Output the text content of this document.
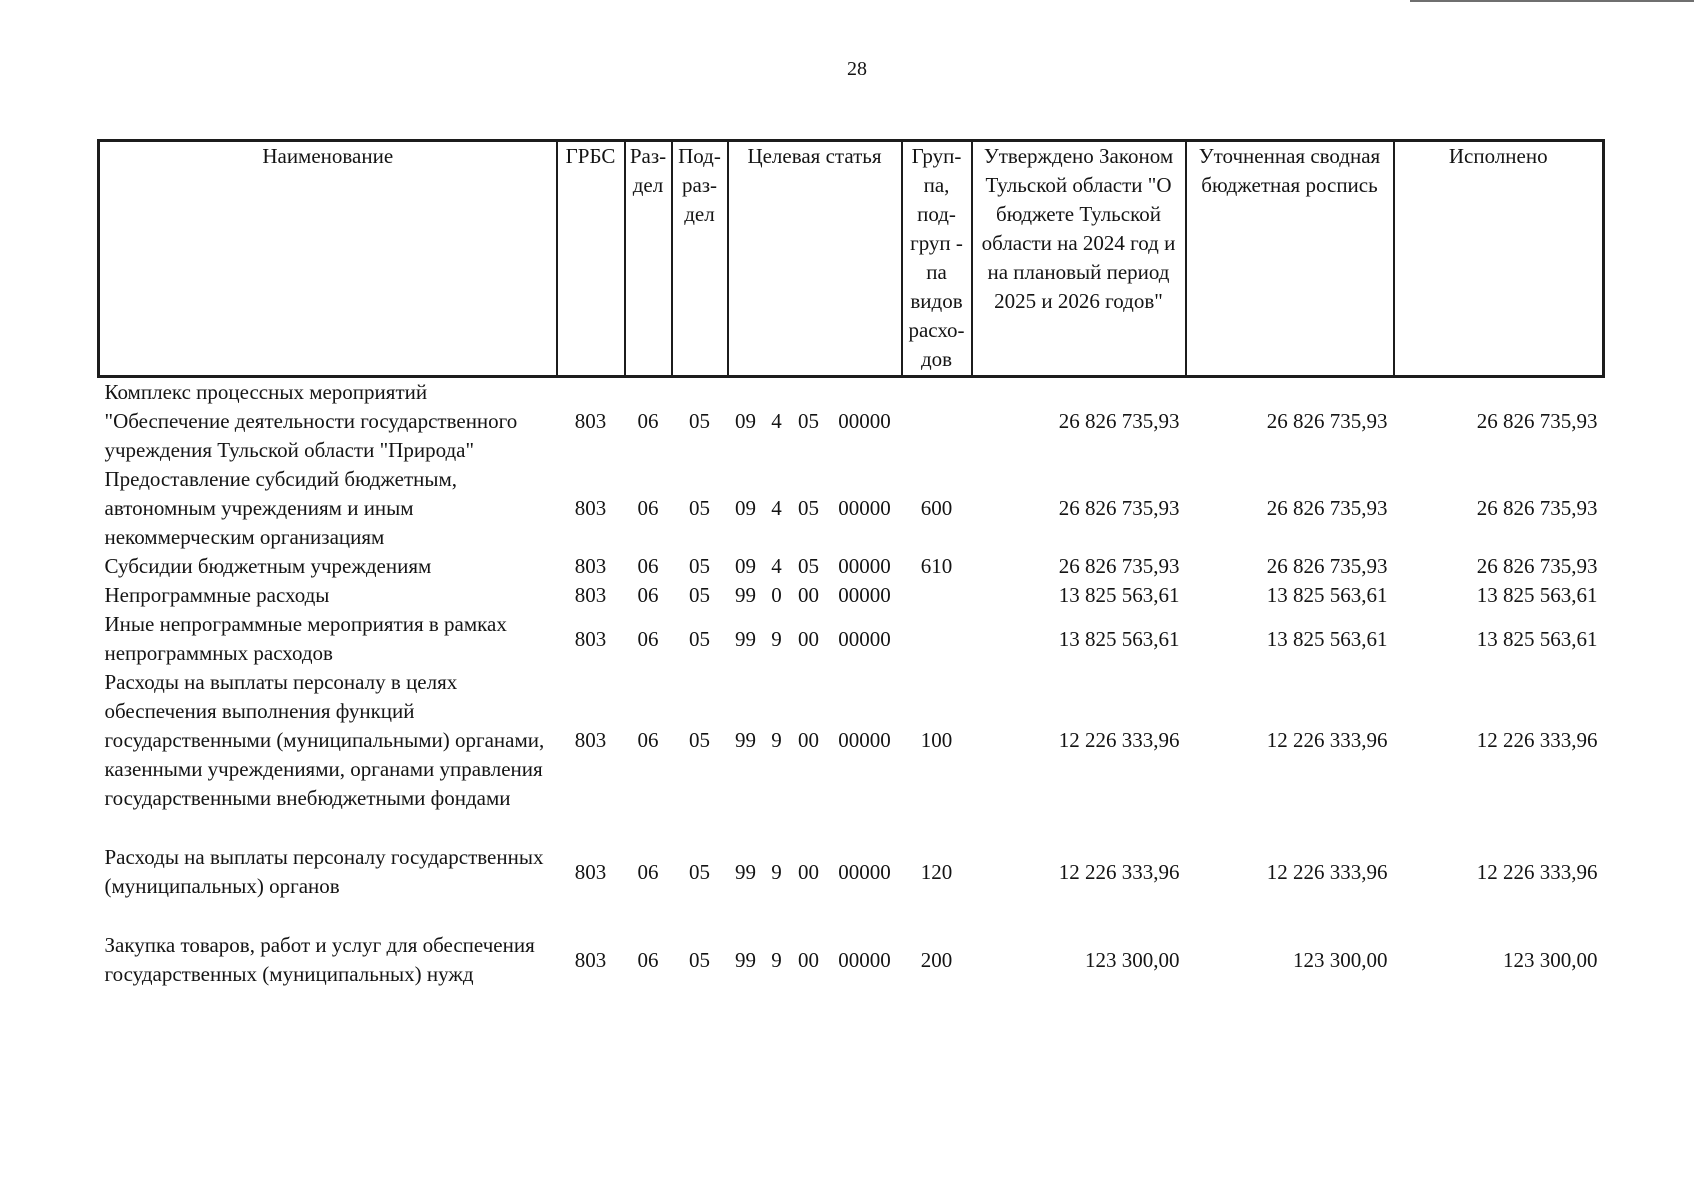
28
Наименование	ГРБС	Раз-дел	Под-раз-дел	Целевая статья				Груп-па, под-груп - па видов расхо-дов	Утверждено Законом Тульской области "О бюджете Тульской области на 2024 год и на плановый период 2025 и 2026 годов"	Уточненная сводная бюджетная роспись	Исполнено
Комплекс процессных мероприятий "Обеспечение деятельности государственного учреждения Тульской области "Природа"	803	06	05	09	4	05	00000		26 826 735,93	26 826 735,93	26 826 735,93
Предоставление субсидий бюджетным, автономным учреждениям и иным некоммерческим организациям	803	06	05	09	4	05	00000	600	26 826 735,93	26 826 735,93	26 826 735,93
Субсидии бюджетным учреждениям	803	06	05	09	4	05	00000	610	26 826 735,93	26 826 735,93	26 826 735,93
Непрограммные расходы	803	06	05	99	0	00	00000		13 825 563,61	13 825 563,61	13 825 563,61
Иные непрограммные мероприятия в рамках непрограммных расходов	803	06	05	99	9	00	00000		13 825 563,61	13 825 563,61	13 825 563,61
Расходы на выплаты персоналу в целях обеспечения выполнения функций государственными (муниципальными) органами, казенными учреждениями, органами управления государственными внебюджетными фондами	803	06	05	99	9	00	00000	100	12 226 333,96	12 226 333,96	12 226 333,96

Расходы на выплаты персоналу государственных (муниципальных) органов	803	06	05	99	9	00	00000	120	12 226 333,96	12 226 333,96	12 226 333,96

Закупка товаров, работ и услуг для обеспечения государственных (муниципальных) нужд	803	06	05	99	9	00	00000	200	123 300,00	123 300,00	123 300,00
